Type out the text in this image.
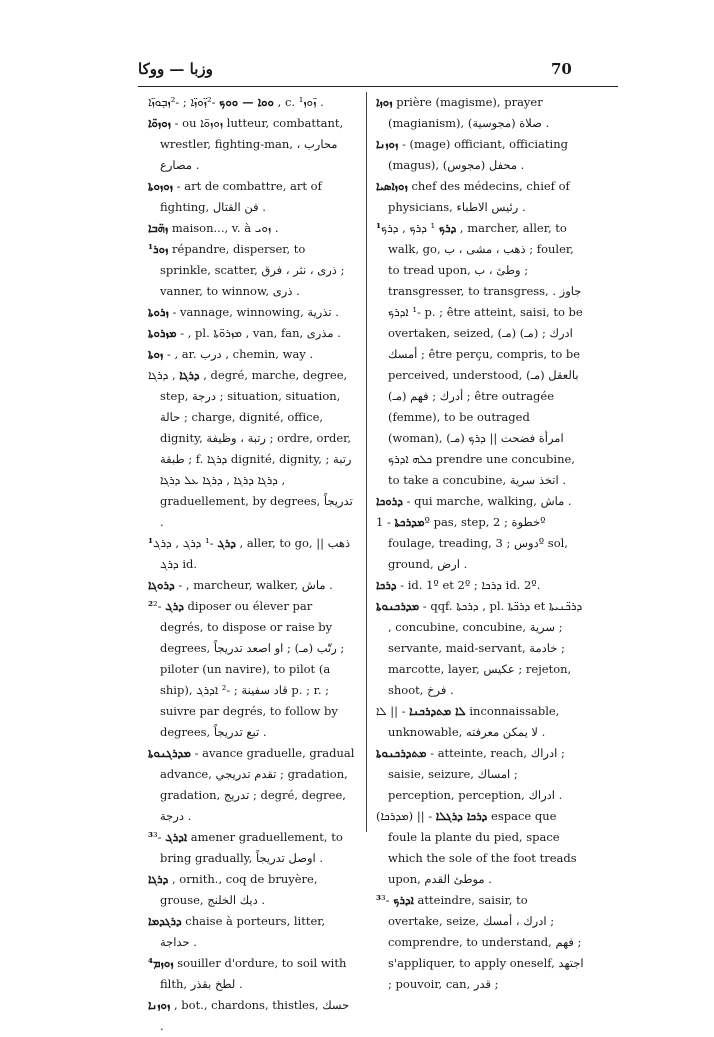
وزبا — ووكا	70

ܘܘܐ — ܘܘܟ -²ܙ̈ܘܙ̈ܐ ; -²ܙܒ̣ܘܙ̈ܐ , c. ¹ܙ̈ܘܙ .

ܙܘܙܘ̈ܐ - ou ܙܘܙܘ̈ܐ lutteur, combattant, wrestler, fighting-man, محارب ، مصارع .

ܙܘܙܘܬܐ - art de combattre, art of fighting, فن القتال .

ܙܗ̈ܒܐ maison..., v. à ܙܘܝ .

¹ܙܘܪ répandre, disperser, to sprinkle, scatter, ذرى ، نثر ، فرق ; vanner, to winnow, ذرى .

ܙܪܘܬܐ - vannage, winnowing, تذرية .

ܡܙܪܘܬܐ - , pl. ܡܙܪܘ̈ܬܐ , van, fan, مذرى .

ܙܘܬܐ - , ar. درب , chemin, way .

ܕܪܓܐ , ܕܪܓܐ , degré, marche, degree, step, درجة ; situation, situation, حالة ; charge, dignité, office, dignity, رتبة ، وظيفة ; ordre, order, طبقة ; f. ܕܪܓܐ dignité, dignity, رتبة ; ܕܪܓܐ ܕܪܓܐ , ܕܪܓܐ ܥܠ ܕܪܓܐ , graduellement, by degrees, تدريجاً .

¹ܕܪܓ -¹ ܕܪܓ , ܕܪܓ , aller, to go, ذهب || ܕܪܓ id.

ܕܪܘܓܐ - , marcheur, walker, ماش .

²ܕܪܓ -² diposer ou élever par degrés, to dispose or raise by degrees, رتّب (مـ) ; او اصعد تدريجاً ; piloter (un navire), to pilot (a ship), قاد سفينة ; -² ܐܕܪܓ p. ; r. ; suivre par degrés, to follow by degrees, تبع تدريجاً .

ܡܕܪܓܢܘܬܐ - avance graduelle, gradual advance, تقدم تدريجي ; gradation, gradation, تدريج ; degré, degree, درجة .

³ܐܕܪܓ -³ amener graduellement, to bring gradually, اوصل تدريجاً .

ܕܪܓܐ , ornith., coq de bruyère, grouse, ديك الخلنج .

ܕܪܓܕܡܐ chaise à porteurs, litter, حداجة .

⁴ܙܘܙܡ souiller d'ordure, to soil with filth, لطخ بقذر .

ܙܘܙܢܐ , bot., chardons, thistles, حسك .

ܙܘܙܐ prière (magisme), prayer (magianism), صلاة (مجوسية) .

ܙܘܙܢܐ - (mage) officiant, officiating (magus), محفل (مجوس) .

ܙܘܙܐܣܝܐ chef des médecins, chief of physicians, رئيس الاطباء .

¹ܕܪܟ ¹ ܕܪܟ , ܕܪܟ , marcher, aller, to walk, go, ذهب ، مشى ، ب ; fouler, to tread upon, وطئ ، ب ; transgresser, to transgress, جاوز . -¹ ܐܕܪܟ p. ; être atteint, saisi, to be overtaken, seized, (مـ) ادرك ; (مـ) أمسك ; être perçu, compris, to be perceived, understood, بالعقل (مـ) أدرك ; فهم (مـ) ; être outragée (femme), to be outraged (woman), (مـ) امرأة فضحت || ܕܪܟ ܟܠܗ ܐܕܪܟ prendre une concubine, to take a concubine, اتخذ سرية .

ܕܪܘܟܐ - qui marche, walking, ماش .

ܡܕܪܟܬܐ - 1º pas, step, خطوة ; 2º foulage, treading, دوس ; 3º sol, ground, ارض .

ܕܪܟܐ - id. 1º et 2º ; ܕܪܟܐ id. 2º.

ܡܕܪܟܢܘܬܐ - qqf. ܕܪܟܬܐ , pl. ܕܪܟ̈ܬܐ et ܕܪܟ̈ܢܝܬܐ , concubine, concubine, سرية ; servante, maid-servant, خادمة ; marcotte, layer, عكيس ; rejeton, shoot, فرخ .

ܠܐ ܡܬܕܪܟܢܐ - || ܠܐ inconnaissable, unknowable, لا يمكن معرفته .

ܡܬܕܪܟܢܘܬܐ - atteinte, reach, ادراك ; saisie, seizure, امساك ; perception, perception, ادراك .

ܕܪܟܐ ܕܪܓܠܐ - || (ܡܕܪܟܐ) espace que foule la plante du pied, space which the sole of the foot treads upon, موطئ القدم .

³ܐܕܪܟ -³ atteindre, saisir, to overtake, seize, ادرك ، أمسك ; comprendre, to understand, فهم ; s'appliquer, to apply oneself, اجتهد ; pouvoir, can, قدر ;
